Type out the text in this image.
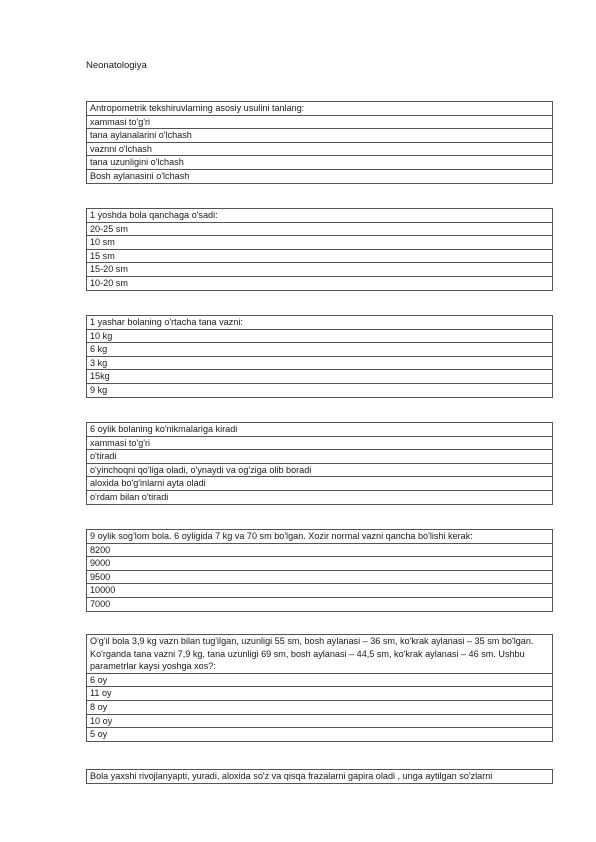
Neonatologiya
Antropometrik tekshiruvlarning asosiy usulini tanlang:
xammasi to'g'ri
tana aylanalarini o'lchash
vaznni o'lchash
tana uzunligini o'lchash
Bosh aylanasini o'lchash
1 yoshda bola qanchaga o'sadi:
20-25 sm
10 sm
15 sm
15-20 sm
10-20 sm
1 yashar bolaning o'rtacha tana vazni:
10 kg
6 kg
3 kg
15kg
9 kg
6 oylik bolaning ko'nikmalariga kiradi
xammasi to'g'ri
o'tiradi
o'yinchoqni qo'liga oladi, o'ynaydi va og'ziga olib boradi
aloxida bo'g'inlarni ayta oladi
o'rdam bilan o'tiradi
9 oylik sog'lom bola. 6 oyligida 7 kg va 70 sm bo'lgan. Xozir normal vazni qancha bo'lishi kerak:
8200
9000
9500
10000
7000
O'g'il bola 3,9 kg vazn bilan tug'ilgan, uzunligi 55 sm, bosh aylanasi – 36 sm, ko'krak aylanasi – 35 sm bo'lgan. Ko'rganda tana vazni 7,9 kg, tana uzunligi 69 sm, bosh aylanasi – 44,5 sm, ko'krak aylanasi – 46 sm. Ushbu parametrlar kaysi yoshga xos?:
6 oy
11 oy
8 oy
10 oy
5 oy
Bola yaxshi rivojlanyapti, yuradi, aloxida so'z va qisqa frazalarni gapira oladi , unga aytilgan so'zlarni
